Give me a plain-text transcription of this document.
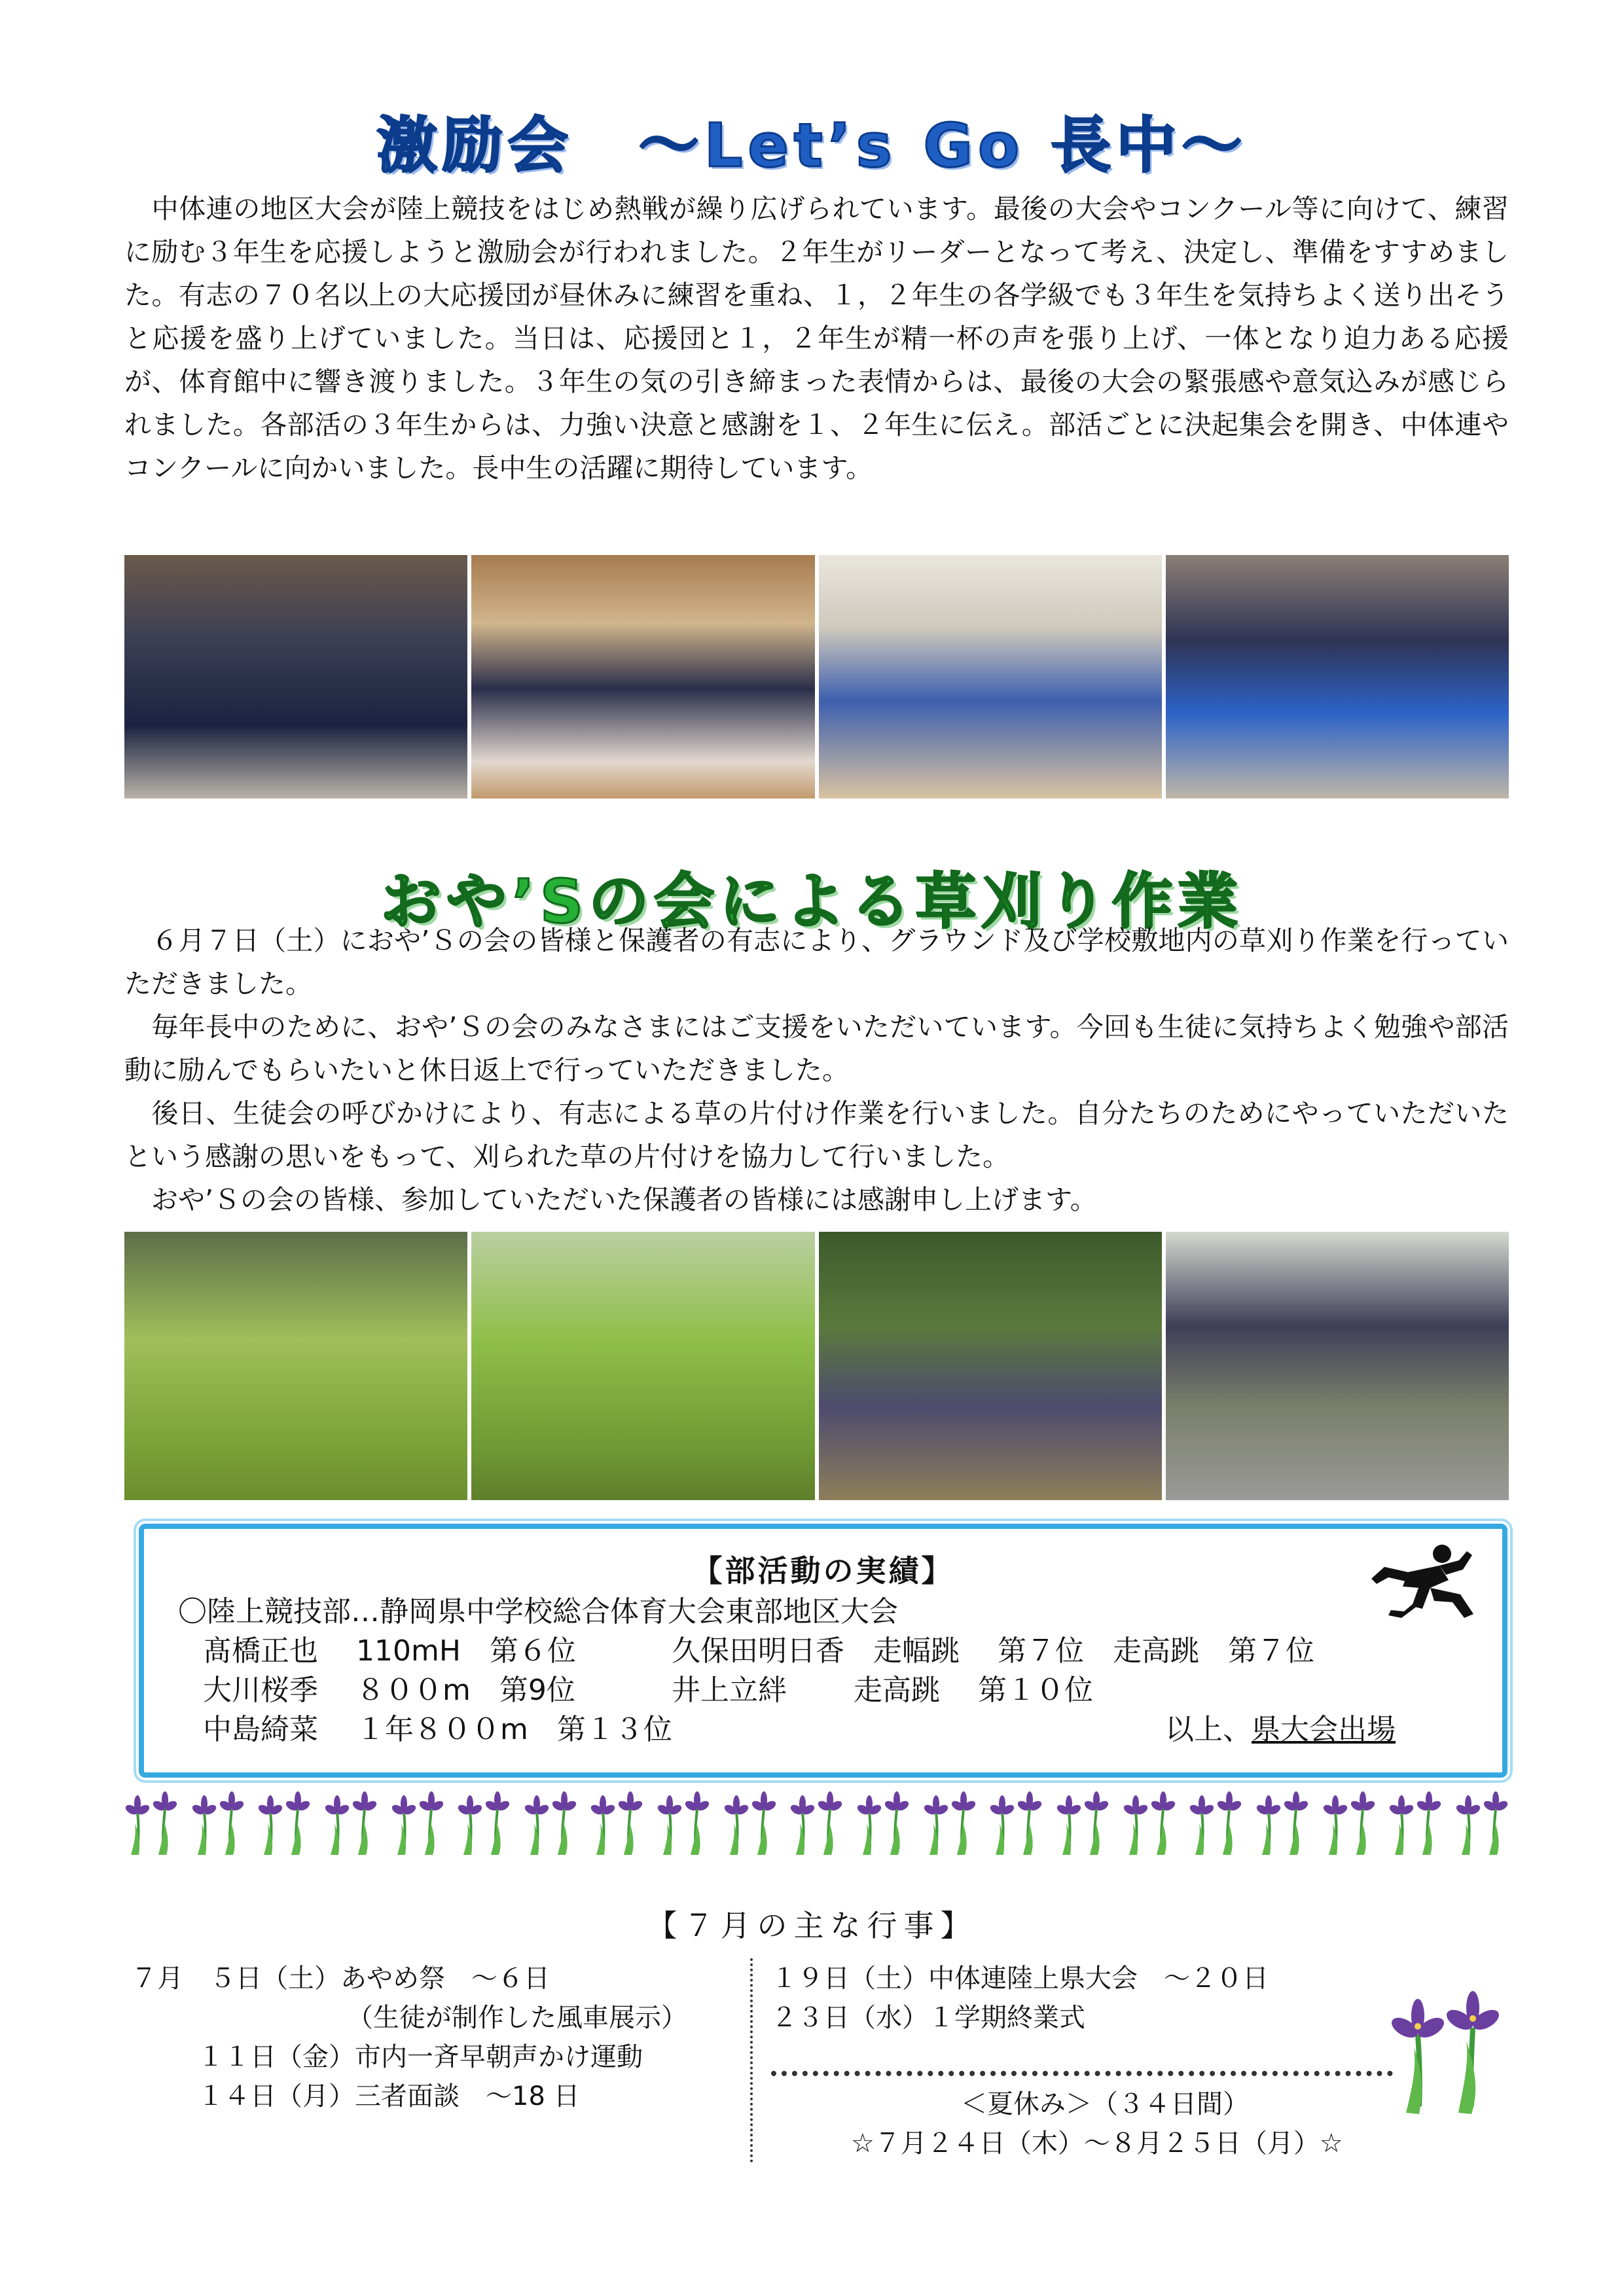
激励会　～Let’s Go 長中～

　中体連の地区大会が陸上競技をはじめ熱戦が繰り広げられています。最後の大会やコンクール等に向けて、練習に励む３年生を応援しようと激励会が行われました。２年生がリーダーとなって考え、決定し、準備をすすめました。有志の７０名以上の大応援団が昼休みに練習を重ね、１，２年生の各学級でも３年生を気持ちよく送り出そうと応援を盛り上げていました。当日は、応援団と１，２年生が精一杯の声を張り上げ、一体となり迫力ある応援が、体育館中に響き渡りました。３年生の気の引き締まった表情からは、最後の大会の緊張感や意気込みが感じられました。各部活の３年生からは、力強い決意と感謝を１、２年生に伝え。部活ごとに決起集会を開き、中体連やコンクールに向かいました。長中生の活躍に期待しています。

おや’Sの会による草刈り作業

　６月７日（土）におや’Ｓの会の皆様と保護者の有志により、グラウンド及び学校敷地内の草刈り作業を行っていただきました。
　毎年長中のために、おや’Ｓの会のみなさまにはご支援をいただいています。今回も生徒に気持ちよく勉強や部活動に励んでもらいたいと休日返上で行っていただきました。
　後日、生徒会の呼びかけにより、有志による草の片付け作業を行いました。自分たちのためにやっていただいたという感謝の思いをもって、刈られた草の片付けを協力して行いました。
　おや’Ｓの会の皆様、参加していただいた保護者の皆様には感謝申し上げます。

【部活動の実績】
〇陸上競技部…静岡県中学校総合体育大会東部地区大会
髙橋正也　 110mH　第６位	久保田明日香　走幅跳　 第７位　走高跳　第７位
大川桜季　 ８００m　第9位	井上立絆　　 走高跳　 第１０位
中島綺菜　 １年８００m　第１３位	以上、県大会出場
【７月の主な行事】
７月　５日（土）あやめ祭　～６日
（生徒が制作した風車展示）
１１日（金）市内一斉早朝声かけ運動
１４日（月）三者面談　～18 日
１９日（土）中体連陸上県大会　～２０日
２３日（水）１学期終業式
＜夏休み＞（３４日間）
☆７月２４日（木）～８月２５日（月）☆
